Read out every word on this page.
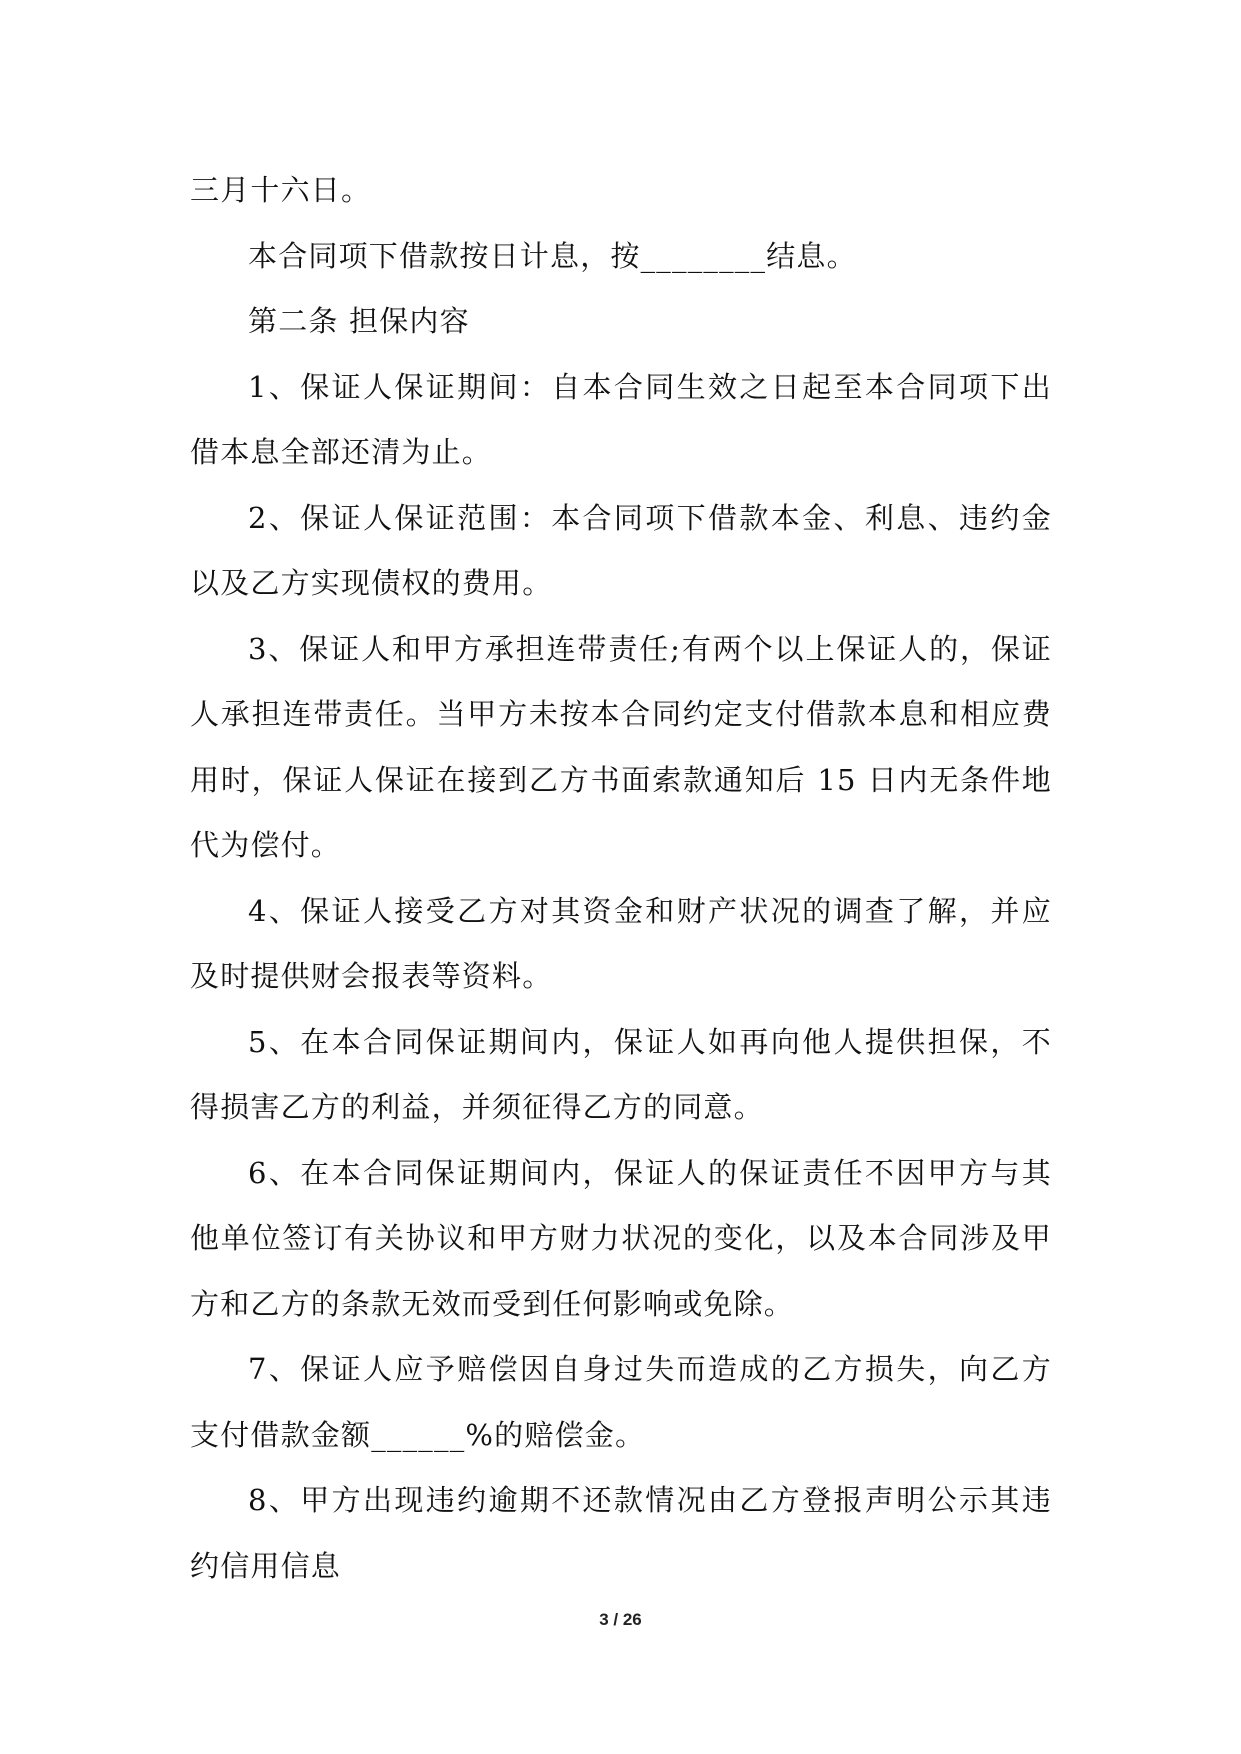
三月十六日。

本合同项下借款按日计息，按________结息。

第二条 担保内容

1、保证人保证期间：自本合同生效之日起至本合同项下出借本息全部还清为止。

2、保证人保证范围：本合同项下借款本金、利息、违约金以及乙方实现债权的费用。

3、保证人和甲方承担连带责任;有两个以上保证人的，保证人承担连带责任。当甲方未按本合同约定支付借款本息和相应费用时，保证人保证在接到乙方书面索款通知后 15 日内无条件地代为偿付。

4、保证人接受乙方对其资金和财产状况的调查了解，并应及时提供财会报表等资料。

5、在本合同保证期间内，保证人如再向他人提供担保，不得损害乙方的利益，并须征得乙方的同意。

6、在本合同保证期间内，保证人的保证责任不因甲方与其他单位签订有关协议和甲方财力状况的变化，以及本合同涉及甲方和乙方的条款无效而受到任何影响或免除。

7、保证人应予赔偿因自身过失而造成的乙方损失，向乙方支付借款金额______%的赔偿金。

8、甲方出现违约逾期不还款情况由乙方登报声明公示其违约信用信息

3 / 26
